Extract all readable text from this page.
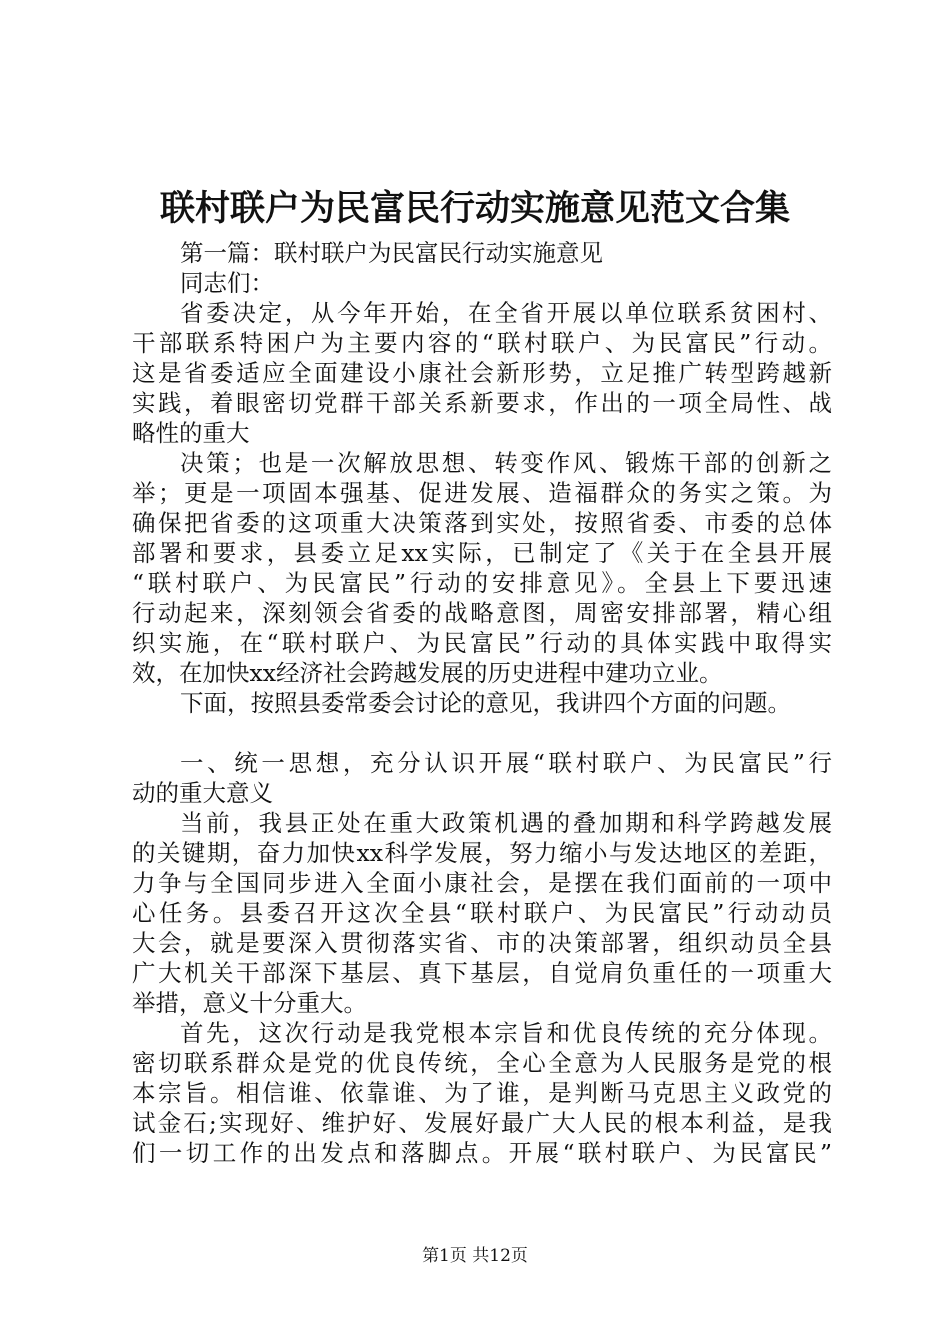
联村联户为民富民行动实施意见范文合集
第一篇：联村联户为民富民行动实施意见
同志们：
省委决定，从今年开始，在全省开展以单位联系贫困村、
干部联系特困户为主要内容的“联村联户、为民富民”行动。
这是省委适应全面建设小康社会新形势，立足推广转型跨越新
实践，着眼密切党群干部关系新要求，作出的一项全局性、战
略性的重大
决策；也是一次解放思想、转变作风、锻炼干部的创新之
举；更是一项固本强基、促进发展、造福群众的务实之策。为
确保把省委的这项重大决策落到实处，按照省委、市委的总体
部署和要求，县委立足xx实际，已制定了《关于在全县开展
“联村联户、为民富民”行动的安排意见》。全县上下要迅速
行动起来，深刻领会省委的战略意图，周密安排部署，精心组
织实施，在“联村联户、为民富民”行动的具体实践中取得实
效，在加快xx经济社会跨越发展的历史进程中建功立业。
下面，按照县委常委会讨论的意见，我讲四个方面的问题。
一、统一思想，充分认识开展“联村联户、为民富民”行
动的重大意义
当前，我县正处在重大政策机遇的叠加期和科学跨越发展
的关键期，奋力加快xx科学发展，努力缩小与发达地区的差距，
力争与全国同步进入全面小康社会，是摆在我们面前的一项中
心任务。县委召开这次全县“联村联户、为民富民”行动动员
大会，就是要深入贯彻落实省、市的决策部署，组织动员全县
广大机关干部深下基层、真下基层，自觉肩负重任的一项重大
举措，意义十分重大。
首先，这次行动是我党根本宗旨和优良传统的充分体现。
密切联系群众是党的优良传统，全心全意为人民服务是党的根
本宗旨。相信谁、依靠谁、为了谁，是判断马克思主义政党的
试金石;实现好、维护好、发展好最广大人民的根本利益，是我
们一切工作的出发点和落脚点。开展“联村联户、为民富民”
第1页 共12页
